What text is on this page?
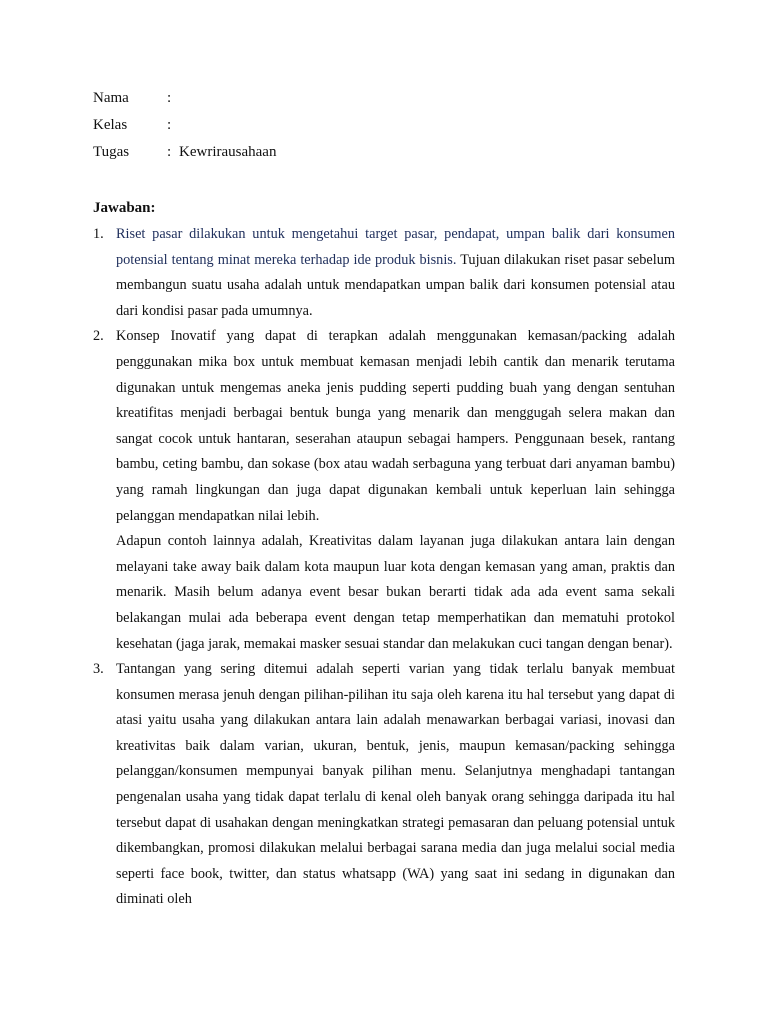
Nama	:
Kelas	:
Tugas	: Kewrirausahaan
Jawaban:
1. Riset pasar dilakukan untuk mengetahui target pasar, pendapat, umpan balik dari konsumen potensial tentang minat mereka terhadap ide produk bisnis. Tujuan dilakukan riset pasar sebelum membangun suatu usaha adalah untuk mendapatkan umpan balik dari konsumen potensial atau dari kondisi pasar pada umumnya.

2. Konsep Inovatif yang dapat di terapkan adalah menggunakan kemasan/packing adalah penggunakan mika box untuk membuat kemasan menjadi lebih cantik dan menarik terutama digunakan untuk mengemas aneka jenis pudding seperti pudding buah yang dengan sentuhan kreatifitas menjadi berbagai bentuk bunga yang menarik dan menggugah selera makan dan sangat cocok untuk hantaran, seserahan ataupun sebagai hampers. Penggunaan besek, rantang bambu, ceting bambu, dan sokase (box atau wadah serbaguna yang terbuat dari anyaman bambu) yang ramah lingkungan dan juga dapat digunakan kembali untuk keperluan lain sehingga pelanggan mendapatkan nilai lebih.

Adapun contoh lainnya adalah, Kreativitas dalam layanan juga dilakukan antara lain dengan melayani take away baik dalam kota maupun luar kota dengan kemasan yang aman, praktis dan menarik. Masih belum adanya event besar bukan berarti tidak ada ada event sama sekali belakangan mulai ada beberapa event dengan tetap memperhatikan dan mematuhi protokol kesehatan (jaga jarak, memakai masker sesuai standar dan melakukan cuci tangan dengan benar).

3. Tantangan yang sering ditemui adalah seperti varian yang tidak terlalu banyak membuat konsumen merasa jenuh dengan pilihan-pilihan itu saja oleh karena itu hal tersebut yang dapat di atasi yaitu usaha yang dilakukan antara lain adalah menawarkan berbagai variasi, inovasi dan kreativitas baik dalam varian, ukuran, bentuk, jenis, maupun kemasan/packing sehingga pelanggan/konsumen mempunyai banyak pilihan menu. Selanjutnya menghadapi tantangan pengenalan usaha yang tidak dapat terlalu di kenal oleh banyak orang sehingga daripada itu hal tersebut dapat di usahakan dengan meningkatkan strategi pemasaran dan peluang potensial untuk dikembangkan, promosi dilakukan melalui berbagai sarana media dan juga melalui social media seperti face book, twitter, dan status whatsapp (WA) yang saat ini sedang in digunakan dan diminati oleh
